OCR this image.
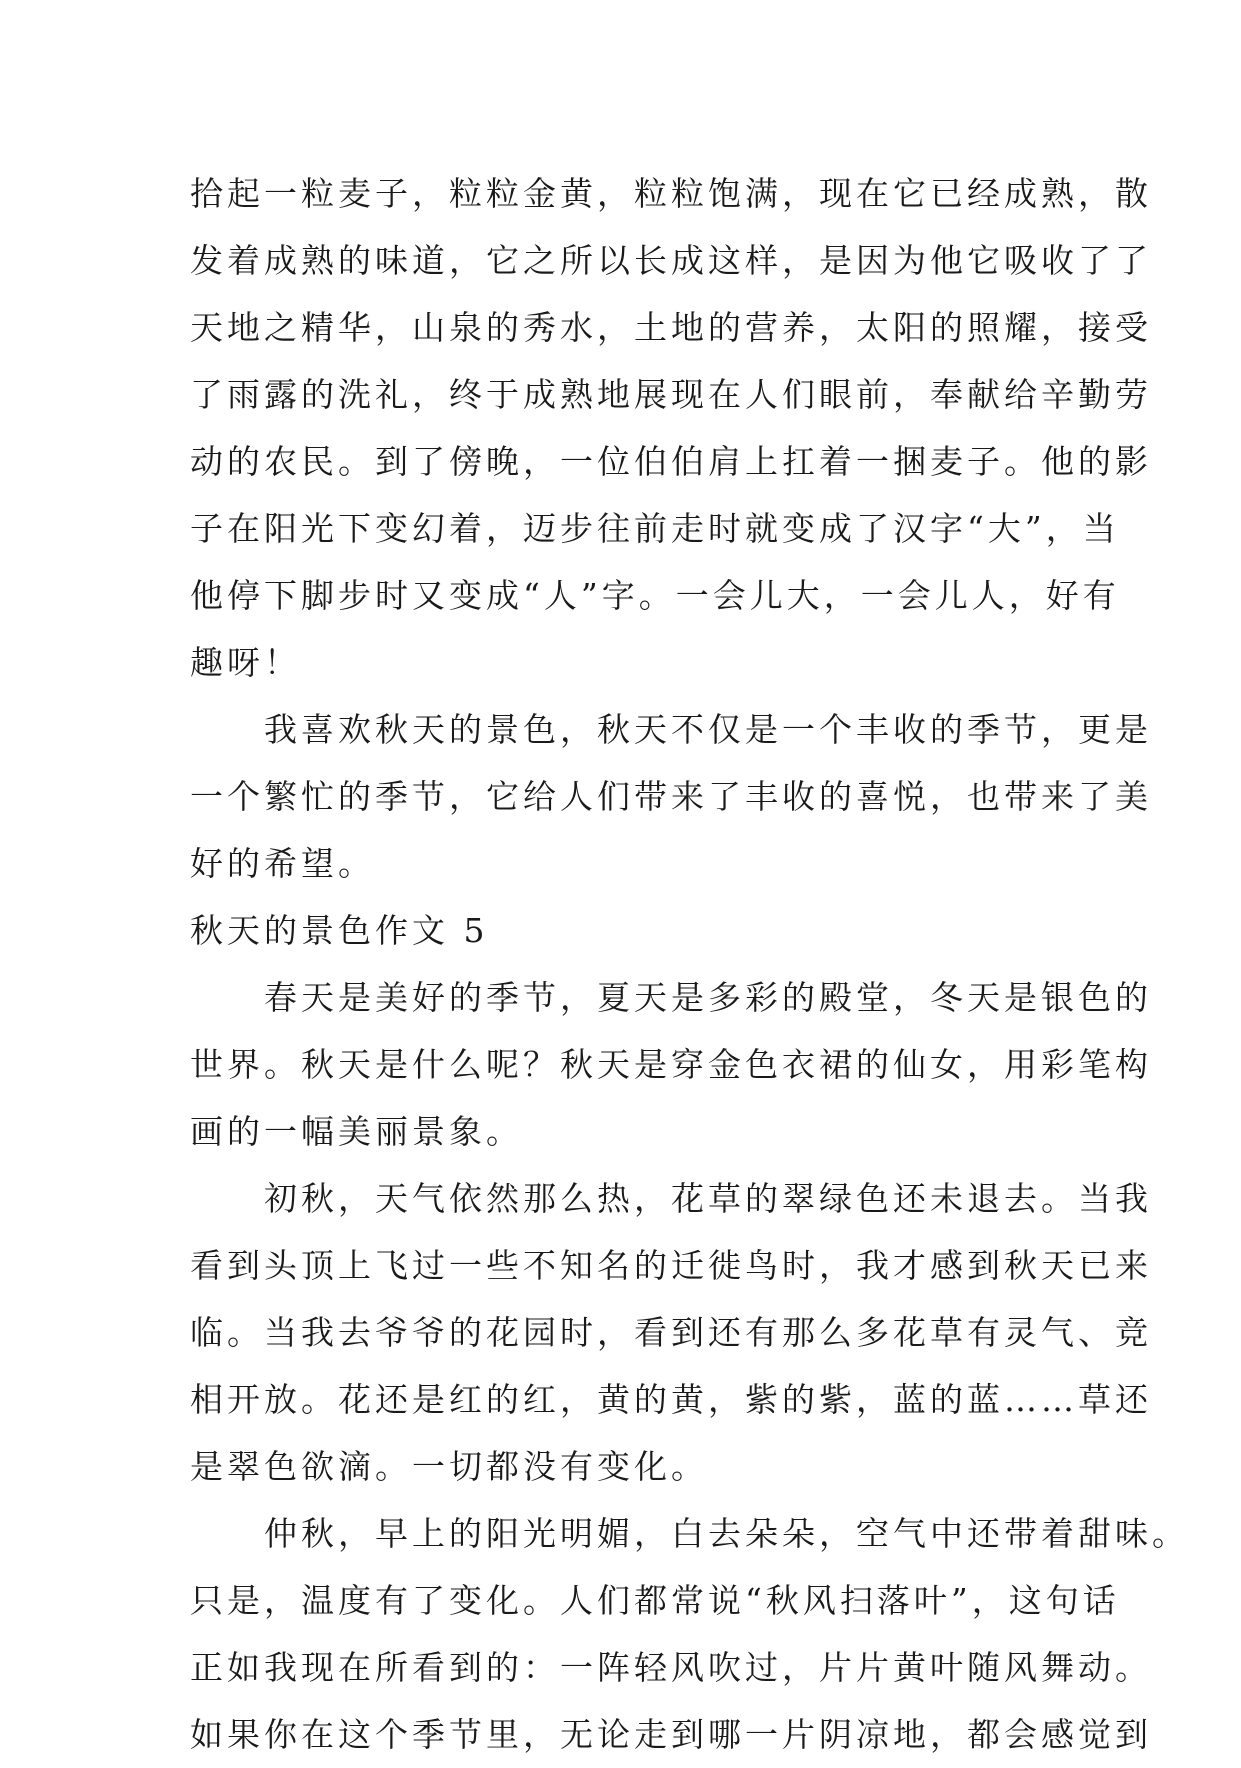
拾起一粒麦子，粒粒金黄，粒粒饱满，现在它已经成熟，散
发着成熟的味道，它之所以长成这样，是因为他它吸收了了
天地之精华，山泉的秀水，土地的营养，太阳的照耀，接受
了雨露的洗礼，终于成熟地展现在人们眼前，奉献给辛勤劳
动的农民。到了傍晚，一位伯伯肩上扛着一捆麦子。他的影
子在阳光下变幻着，迈步往前走时就变成了汉字“大”，当
他停下脚步时又变成“人”字。一会儿大，一会儿人，好有
趣呀！
　　我喜欢秋天的景色，秋天不仅是一个丰收的季节，更是
一个繁忙的季节，它给人们带来了丰收的喜悦，也带来了美
好的希望。
秋天的景色作文 5
　　春天是美好的季节，夏天是多彩的殿堂，冬天是银色的
世界。秋天是什么呢？秋天是穿金色衣裙的仙女，用彩笔构
画的一幅美丽景象。
　　初秋，天气依然那么热，花草的翠绿色还未退去。当我
看到头顶上飞过一些不知名的迁徙鸟时，我才感到秋天已来
临。当我去爷爷的花园时，看到还有那么多花草有灵气、竞
相开放。花还是红的红，黄的黄，紫的紫，蓝的蓝……草还
是翠色欲滴。一切都没有变化。
　　仲秋，早上的阳光明媚，白去朵朵，空气中还带着甜味。
只是，温度有了变化。人们都常说“秋风扫落叶”，这句话
正如我现在所看到的：一阵轻风吹过，片片黄叶随风舞动。
如果你在这个季节里，无论走到哪一片阴凉地，都会感觉到
